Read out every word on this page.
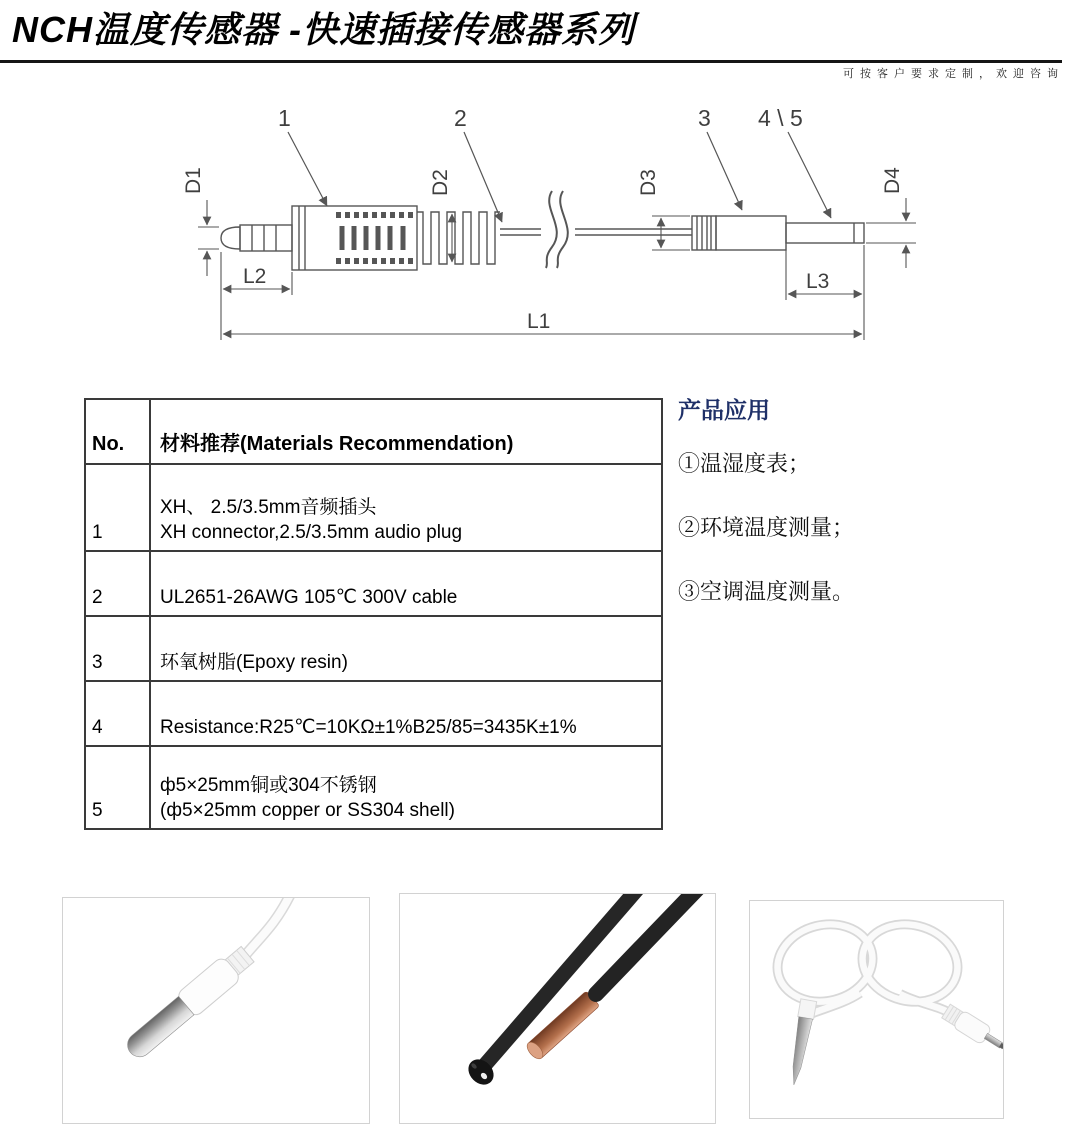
NCH温度传感器 -快速插接传感器系列
可按客户要求定制，欢迎咨询
1	2	3 4 \ 5
D1	D2	D3	D4
L2	L3
L1
No.	材料推荐(Materials Recommendation)
1	XH、 2.5/3.5mm音频插头
XH connector,2.5/3.5mm audio plug

2	UL2651-26AWG 105℃ 300V cable

3	环氧树脂(Epoxy resin)

4	Resistance:R25℃=10KΩ±1%B25/85=3435K±1%

5	ф5×25mm铜或304不锈钢
(ф5×25mm copper or SS304 shell)
产品应用
①温湿度表；
②环境温度测量；
③空调温度测量。
